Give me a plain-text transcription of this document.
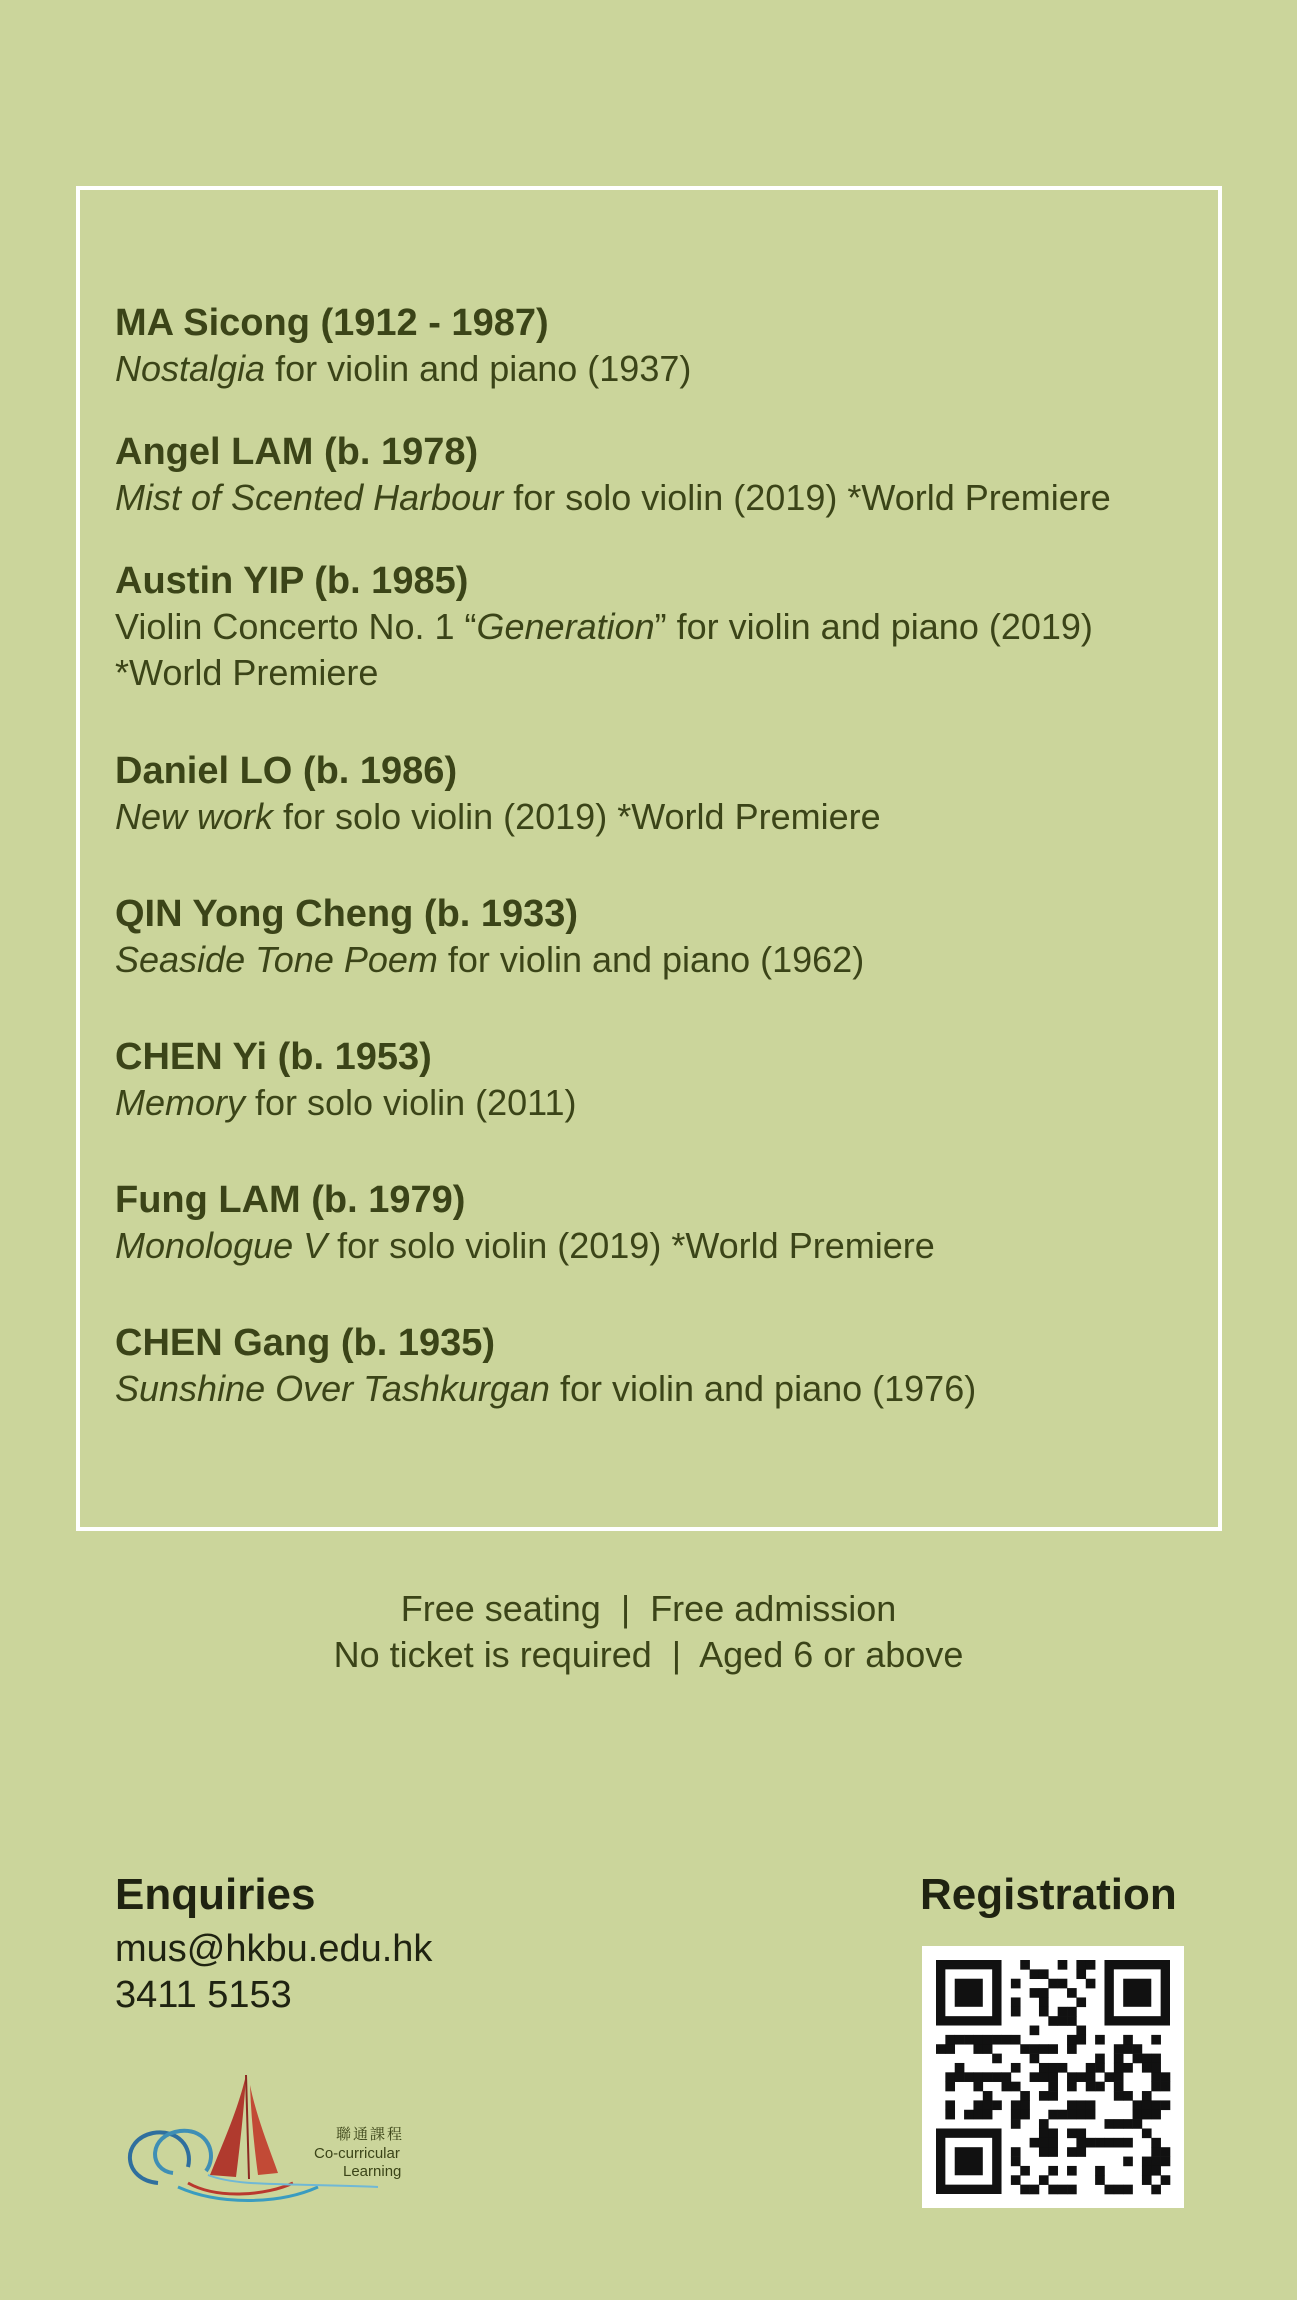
MA Sicong (1912 - 1987)
Nostalgia for violin and piano (1937)
Angel LAM (b. 1978)
Mist of Scented Harbour for solo violin (2019) *World Premiere
Austin YIP (b. 1985)
Violin Concerto No. 1 “Generation” for violin and piano (2019)
*World Premiere
Daniel LO (b. 1986)
New work for solo violin (2019) *World Premiere
QIN Yong Cheng (b. 1933)
Seaside Tone Poem for violin and piano (1962)
CHEN Yi (b. 1953)
Memory for solo violin (2011)
Fung LAM (b. 1979)
Monologue V for solo violin (2019) *World Premiere
CHEN Gang (b. 1935)
Sunshine Over Tashkurgan for violin and piano (1976)
Free seating  |  Free admission
No ticket is required  |  Aged 6 or above
Enquiries
mus@hkbu.edu.hk
3411 5153
Registration
聯通課程
Co-curricular
Learning
